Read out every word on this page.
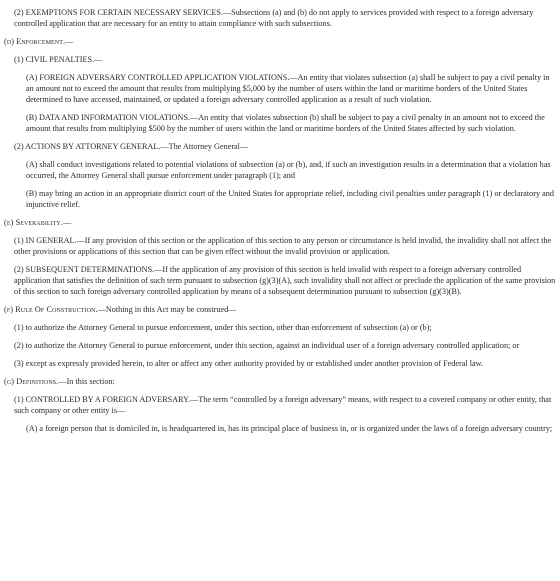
(2) EXEMPTIONS FOR CERTAIN NECESSARY SERVICES.—Subsections (a) and (b) do not apply to services provided with respect to a foreign adversary controlled application that are necessary for an entity to attain compliance with such subsections.

(d) Enforcement.—

(1) CIVIL PENALTIES.—

(A) FOREIGN ADVERSARY CONTROLLED APPLICATION VIOLATIONS.—An entity that violates subsection (a) shall be subject to pay a civil penalty in an amount not to exceed the amount that results from multiplying $5,000 by the number of users within the land or maritime borders of the United States determined to have accessed, maintained, or updated a foreign adversary controlled application as a result of such violation.

(B) DATA AND INFORMATION VIOLATIONS.—An entity that violates subsection (b) shall be subject to pay a civil penalty in an amount not to exceed the amount that results from multiplying $500 by the number of users within the land or maritime borders of the United States affected by such violation.

(2) ACTIONS BY ATTORNEY GENERAL.—The Attorney General—

(A) shall conduct investigations related to potential violations of subsection (a) or (b), and, if such an investigation results in a determination that a violation has occurred, the Attorney General shall pursue enforcement under paragraph (1); and

(B) may bring an action in an appropriate district court of the United States for appropriate relief, including civil penalties under paragraph (1) or declaratory and injunctive relief.

(e) Severability.—

(1) IN GENERAL.—If any provision of this section or the application of this section to any person or circumstance is held invalid, the invalidity shall not affect the other provisions or applications of this section that can be given effect without the invalid provision or application.

(2) SUBSEQUENT DETERMINATIONS.—If the application of any provision of this section is held invalid with respect to a foreign adversary controlled application that satisfies the definition of such term pursuant to subsection (g)(3)(A), such invalidity shall not affect or preclude the application of the same provision of this section to such foreign adversary controlled application by means of a subsequent determination pursuant to subsection (g)(3)(B).

(f) Rule Of Construction.—Nothing in this Act may be construed—

(1) to authorize the Attorney General to pursue enforcement, under this section, other than enforcement of subsection (a) or (b);

(2) to authorize the Attorney General to pursue enforcement, under this section, against an individual user of a foreign adversary controlled application; or

(3) except as expressly provided herein, to alter or affect any other authority provided by or established under another provision of Federal law.

(g) Definitions.—In this section:

(1) CONTROLLED BY A FOREIGN ADVERSARY.—The term “controlled by a foreign adversary” means, with respect to a covered company or other entity, that such company or other entity is—

(A) a foreign person that is domiciled in, is headquartered in, has its principal place of business in, or is organized under the laws of a foreign adversary country;
